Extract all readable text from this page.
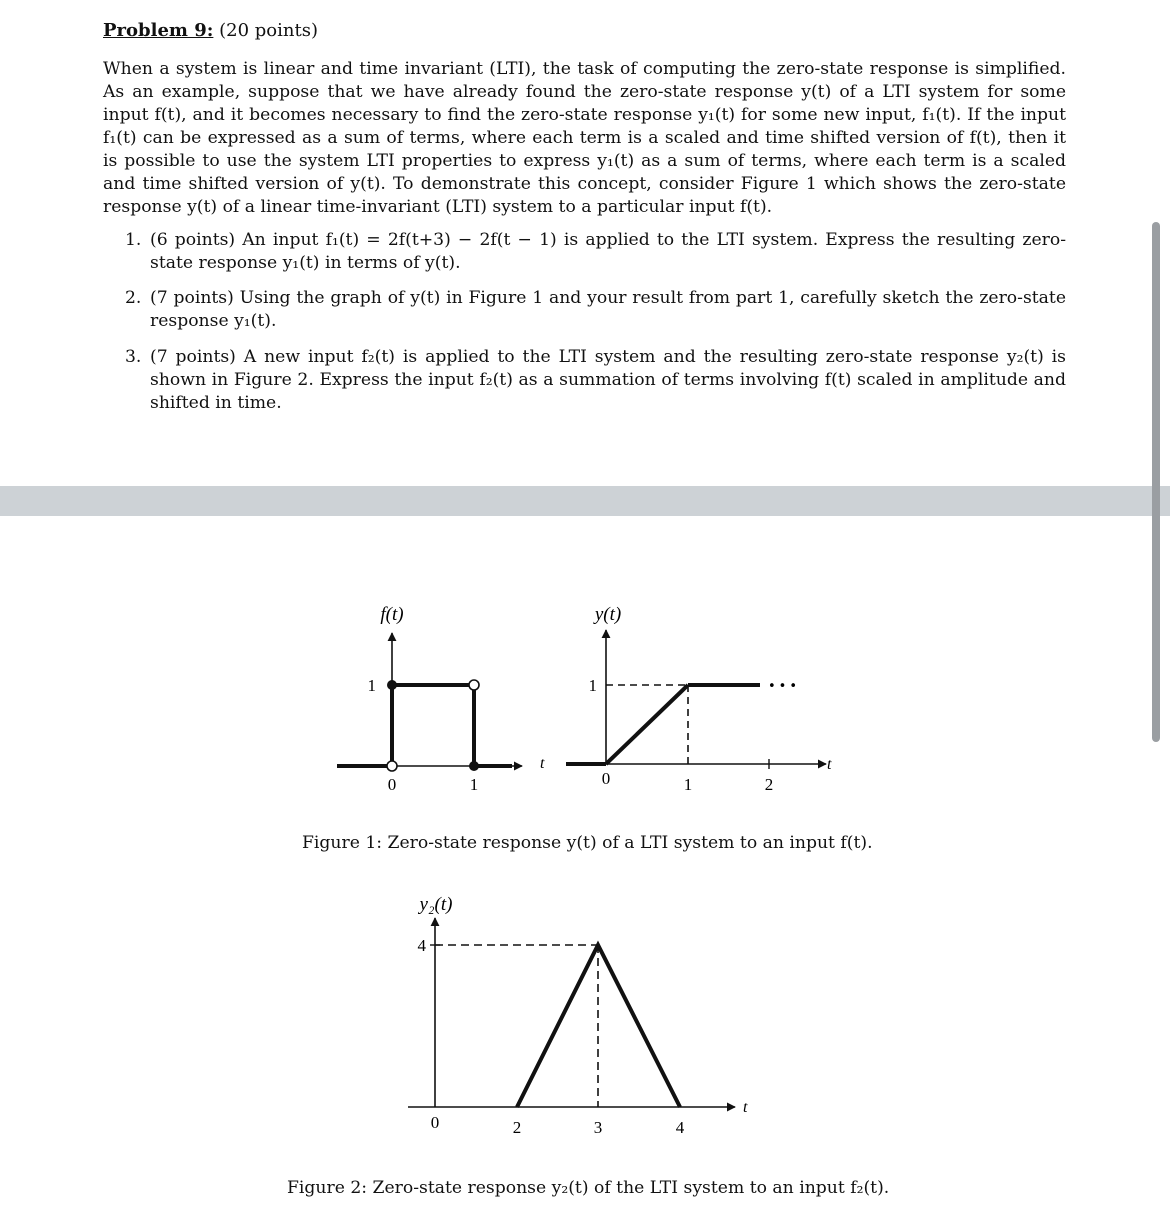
Problem 9: (20 points)

When a system is linear and time invariant (LTI), the task of computing the zero-state response is simplified. As an example, suppose that we have already found the zero-state response y(t) of a LTI system for some input f(t), and it becomes necessary to find the zero-state response y₁(t) for some new input, f₁(t). If the input f₁(t) can be expressed as a sum of terms, where each term is a scaled and time shifted version of f(t), then it is possible to use the system LTI properties to express y₁(t) as a sum of terms, where each term is a scaled and time shifted version of y(t). To demonstrate this concept, consider Figure 1 which shows the zero-state response y(t) of a linear time-invariant (LTI) system to a particular input f(t).

1. (6 points) An input f₁(t) = 2f(t+3) − 2f(t − 1) is applied to the LTI system. Express the resulting zero-state response y₁(t) in terms of y(t).
2. (7 points) Using the graph of y(t) in Figure 1 and your result from part 1, carefully sketch the zero-state response y₁(t).
3. (7 points) A new input f₂(t) is applied to the LTI system and the resulting zero-state response y₂(t) is shown in Figure 2. Express the input f₂(t) as a summation of terms involving f(t) scaled in amplitude and shifted in time.
f(t)
1
0	1
t
•••
y(t)
1
0	1	2
t
y₂(t)
4
0	2	3	4
t
Figure 1: Zero-state response y(t) of a LTI system to an input f(t).
Figure 2: Zero-state response y₂(t) of the LTI system to an input f₂(t).
